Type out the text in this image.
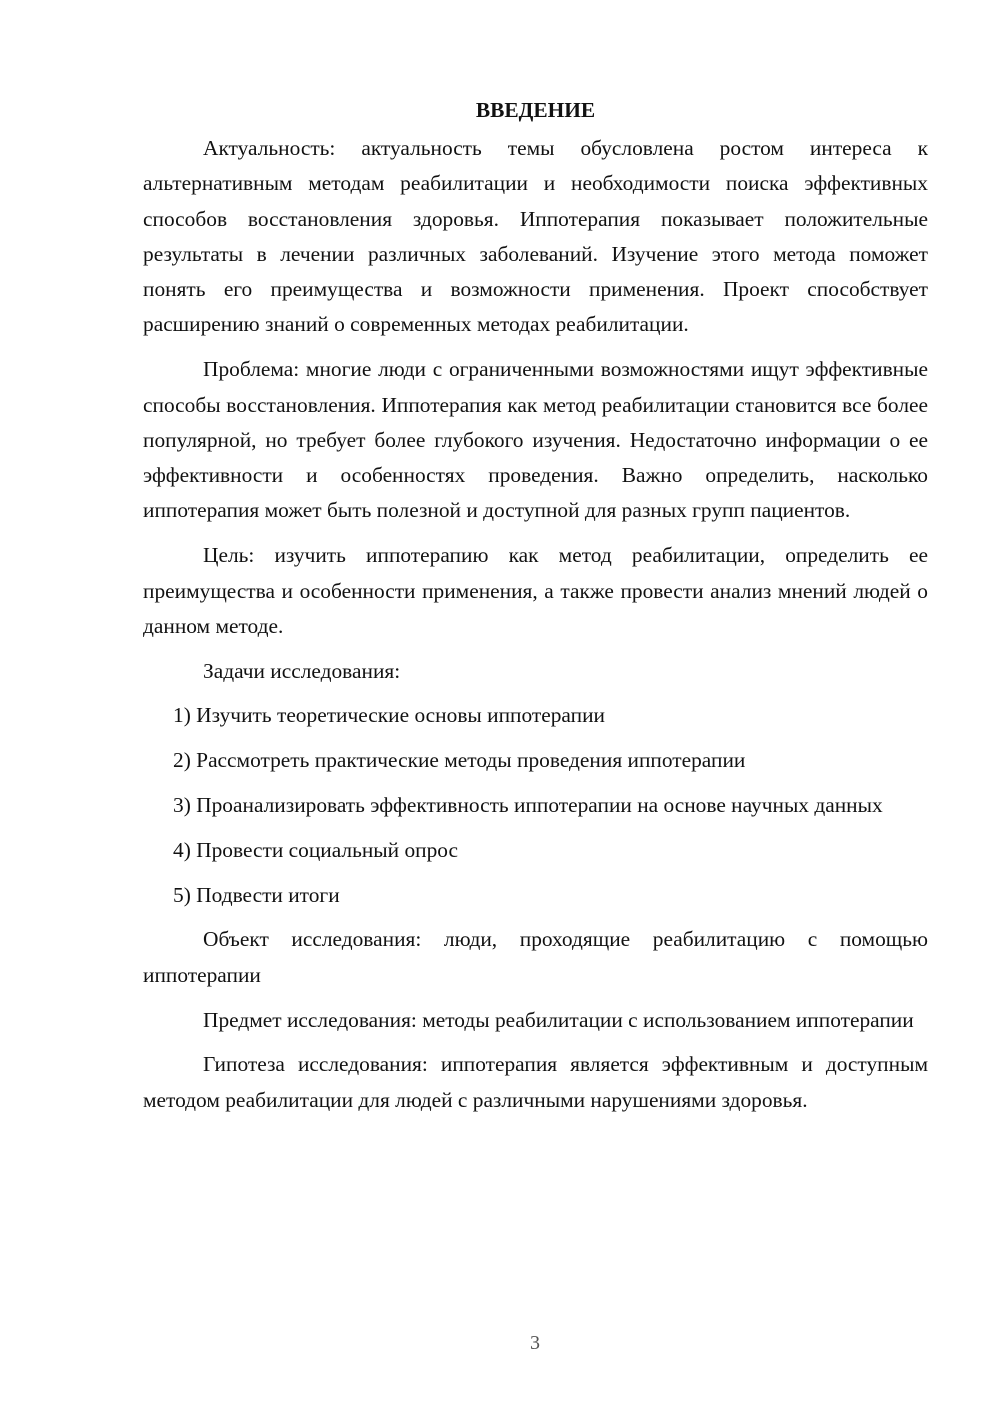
ВВЕДЕНИЕ

Актуальность: актуальность темы обусловлена ростом интереса к альтернативным методам реабилитации и необходимости поиска эффективных способов восстановления здоровья. Иппотерапия показывает положительные результаты в лечении различных заболеваний. Изучение этого метода поможет понять его преимущества и возможности применения. Проект способствует расширению знаний о современных методах реабилитации.

Проблема: многие люди с ограниченными возможностями ищут эффективные способы восстановления. Иппотерапия как метод реабилитации становится все более популярной, но требует более глубокого изучения. Недостаточно информации о ее эффективности и особенностях проведения. Важно определить, насколько иппотерапия может быть полезной и доступной для разных групп пациентов.

Цель: изучить иппотерапию как метод реабилитации, определить ее преимущества и особенности применения, а также провести анализ мнений людей о данном методе.

Задачи исследования:

1) Изучить теоретические основы иппотерапии

2) Рассмотреть практические методы проведения иппотерапии

3) Проанализировать эффективность иппотерапии на основе научных данных

4) Провести социальный опрос

5) Подвести итоги

Объект исследования: люди, проходящие реабилитацию с помощью иппотерапии

Предмет исследования: методы реабилитации с использованием иппотерапии

Гипотеза исследования: иппотерапия является эффективным и доступным методом реабилитации для людей с различными нарушениями здоровья.

3
